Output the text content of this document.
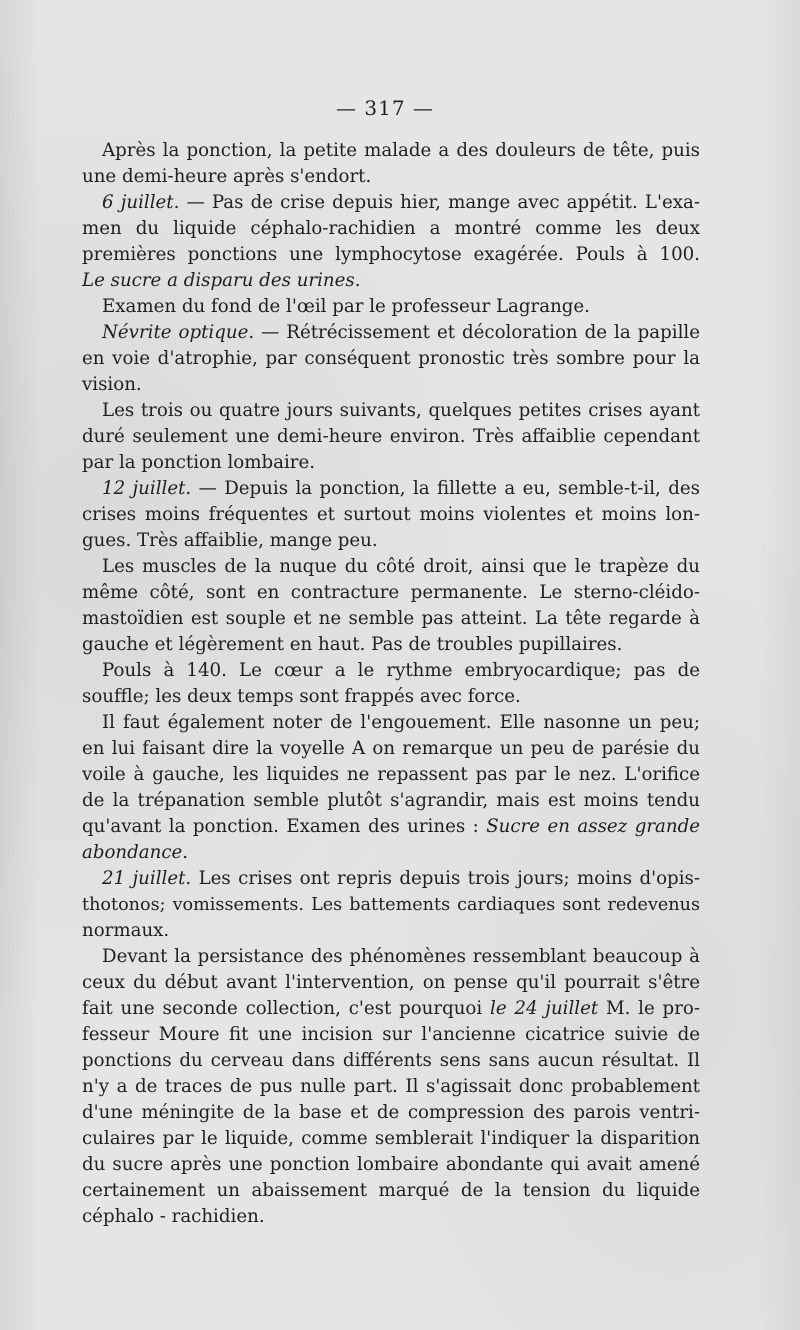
— 317 —
Après la ponction, la petite malade a des douleurs de tête, puis
une demi-heure après s'endort.
6 juillet. — Pas de crise depuis hier, mange avec appétit. L'exa-
men du liquide céphalo-rachidien a montré comme les deux
premières ponctions une lymphocytose exagérée. Pouls à 100.
Le sucre a disparu des urines.
Examen du fond de l'œil par le professeur Lagrange.
Névrite optique. — Rétrécissement et décoloration de la papille
en voie d'atrophie, par conséquent pronostic très sombre pour la
vision.
Les trois ou quatre jours suivants, quelques petites crises ayant
duré seulement une demi-heure environ. Très affaiblie cependant
par la ponction lombaire.
12 juillet. — Depuis la ponction, la fillette a eu, semble-t-il, des
crises moins fréquentes et surtout moins violentes et moins lon-
gues. Très affaiblie, mange peu.
Les muscles de la nuque du côté droit, ainsi que le trapèze du
même côté, sont en contracture permanente. Le sterno-cléido-
mastoïdien est souple et ne semble pas atteint. La tête regarde à
gauche et légèrement en haut. Pas de troubles pupillaires.
Pouls à 140. Le cœur a le rythme embryocardique; pas de
souffle; les deux temps sont frappés avec force.
Il faut également noter de l'engouement. Elle nasonne un peu;
en lui faisant dire la voyelle A on remarque un peu de parésie du
voile à gauche, les liquides ne repassent pas par le nez. L'orifice
de la trépanation semble plutôt s'agrandir, mais est moins tendu
qu'avant la ponction. Examen des urines : Sucre en assez grande
abondance.
21 juillet. Les crises ont repris depuis trois jours; moins d'opis-
thotonos; vomissements. Les battements cardiaques sont redevenus
normaux.
Devant la persistance des phénomènes ressemblant beaucoup à
ceux du début avant l'intervention, on pense qu'il pourrait s'être
fait une seconde collection, c'est pourquoi le 24 juillet M. le pro-
fesseur Moure fit une incision sur l'ancienne cicatrice suivie de
ponctions du cerveau dans différents sens sans aucun résultat. Il
n'y a de traces de pus nulle part. Il s'agissait donc probablement
d'une méningite de la base et de compression des parois ventri-
culaires par le liquide, comme semblerait l'indiquer la disparition
du sucre après une ponction lombaire abondante qui avait amené
certainement un abaissement marqué de la tension du liquide
céphalo - rachidien.
